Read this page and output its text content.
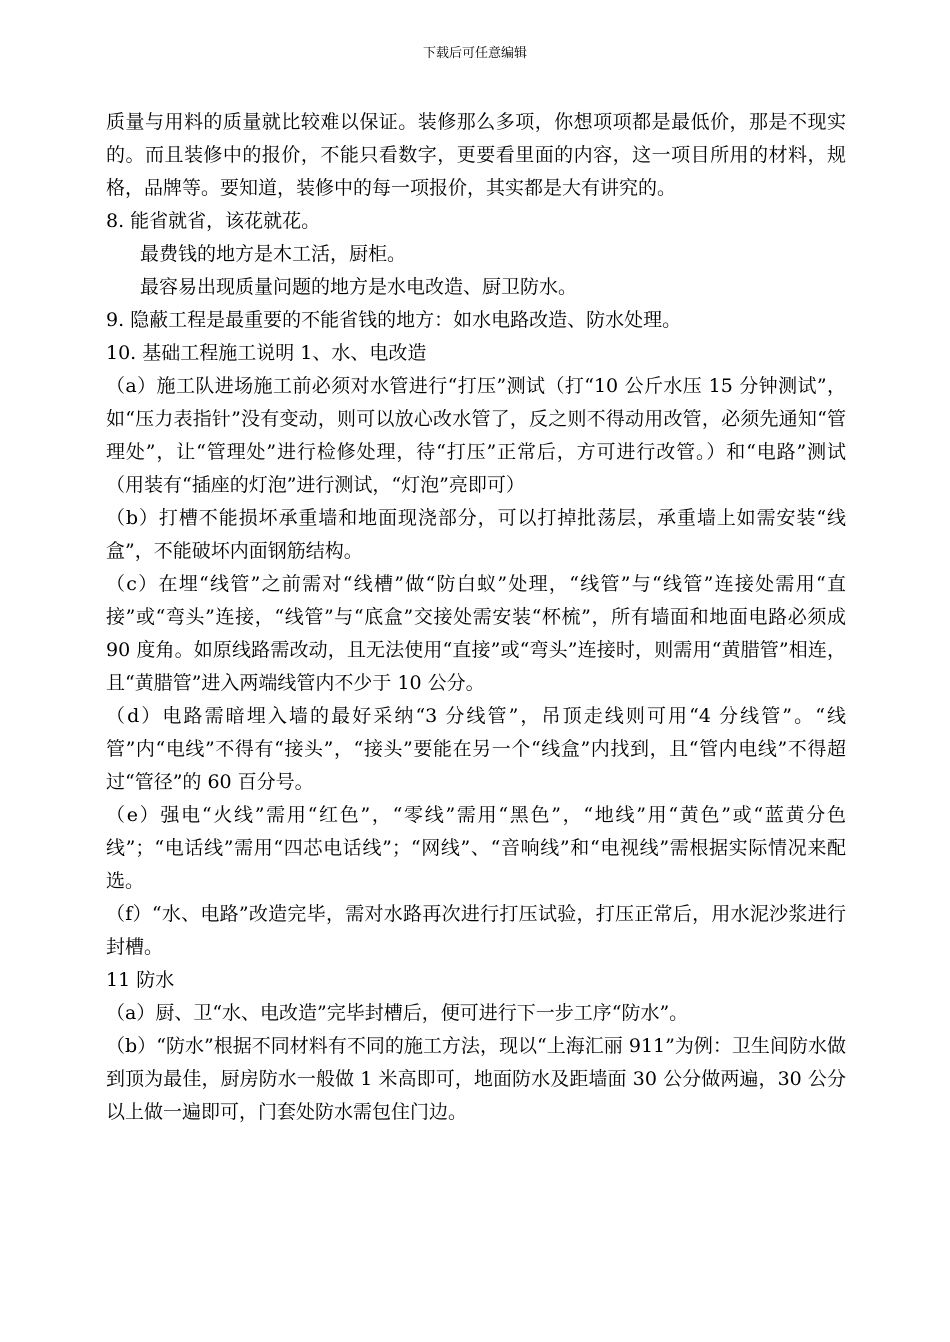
下载后可任意编辑

质量与用料的质量就比较难以保证。装修那么多项，你想项项都是最低价，那是不现实的。而且装修中的报价，不能只看数字，更要看里面的内容，这一项目所用的材料，规格，品牌等。要知道，装修中的每一项报价，其实都是大有讲究的。

8. 能省就省，该花就花。

最费钱的地方是木工活，厨柜。

最容易出现质量问题的地方是水电改造、厨卫防水。

9. 隐蔽工程是最重要的不能省钱的地方：如水电路改造、防水处理。

10. 基础工程施工说明 1、水、电改造

（a）施工队进场施工前必须对水管进行“打压”测试（打“10 公斤水压 15 分钟测试”，如“压力表指针”没有变动，则可以放心改水管了，反之则不得动用改管，必须先通知“管理处”，让“管理处”进行检修处理，待“打压”正常后，方可进行改管。）和“电路”测试（用装有“插座的灯泡”进行测试，“灯泡”亮即可）

（b）打槽不能损坏承重墙和地面现浇部分，可以打掉批荡层，承重墙上如需安装“线盒”，不能破坏内面钢筋结构。

（c）在埋“线管”之前需对“线槽”做“防白蚁”处理，“线管”与“线管”连接处需用“直接”或“弯头”连接，“线管”与“底盒”交接处需安装“杯梳”，所有墙面和地面电路必须成 90 度角。如原线路需改动，且无法使用“直接”或“弯头”连接时，则需用“黄腊管”相连，且“黄腊管”进入两端线管内不少于 10 公分。

（d）电路需暗埋入墙的最好采纳“3 分线管”，吊顶走线则可用“4 分线管”。“线管”内“电线”不得有“接头”，“接头”要能在另一个“线盒”内找到，且“管内电线”不得超过“管径”的 60 百分号。

（e）强电“火线”需用“红色”，“零线”需用“黑色”，“地线”用“黄色”或“蓝黄分色线”；“电话线”需用“四芯电话线”；“网线”、“音响线”和“电视线”需根据实际情况来配选。

（f）“水、电路”改造完毕，需对水路再次进行打压试验，打压正常后，用水泥沙浆进行封槽。

11 防水

（a）厨、卫“水、电改造”完毕封槽后，便可进行下一步工序“防水”。

（b）“防水”根据不同材料有不同的施工方法，现以“上海汇丽 911”为例：卫生间防水做到顶为最佳，厨房防水一般做 1 米高即可，地面防水及距墙面 30 公分做两遍，30 公分以上做一遍即可，门套处防水需包住门边。
